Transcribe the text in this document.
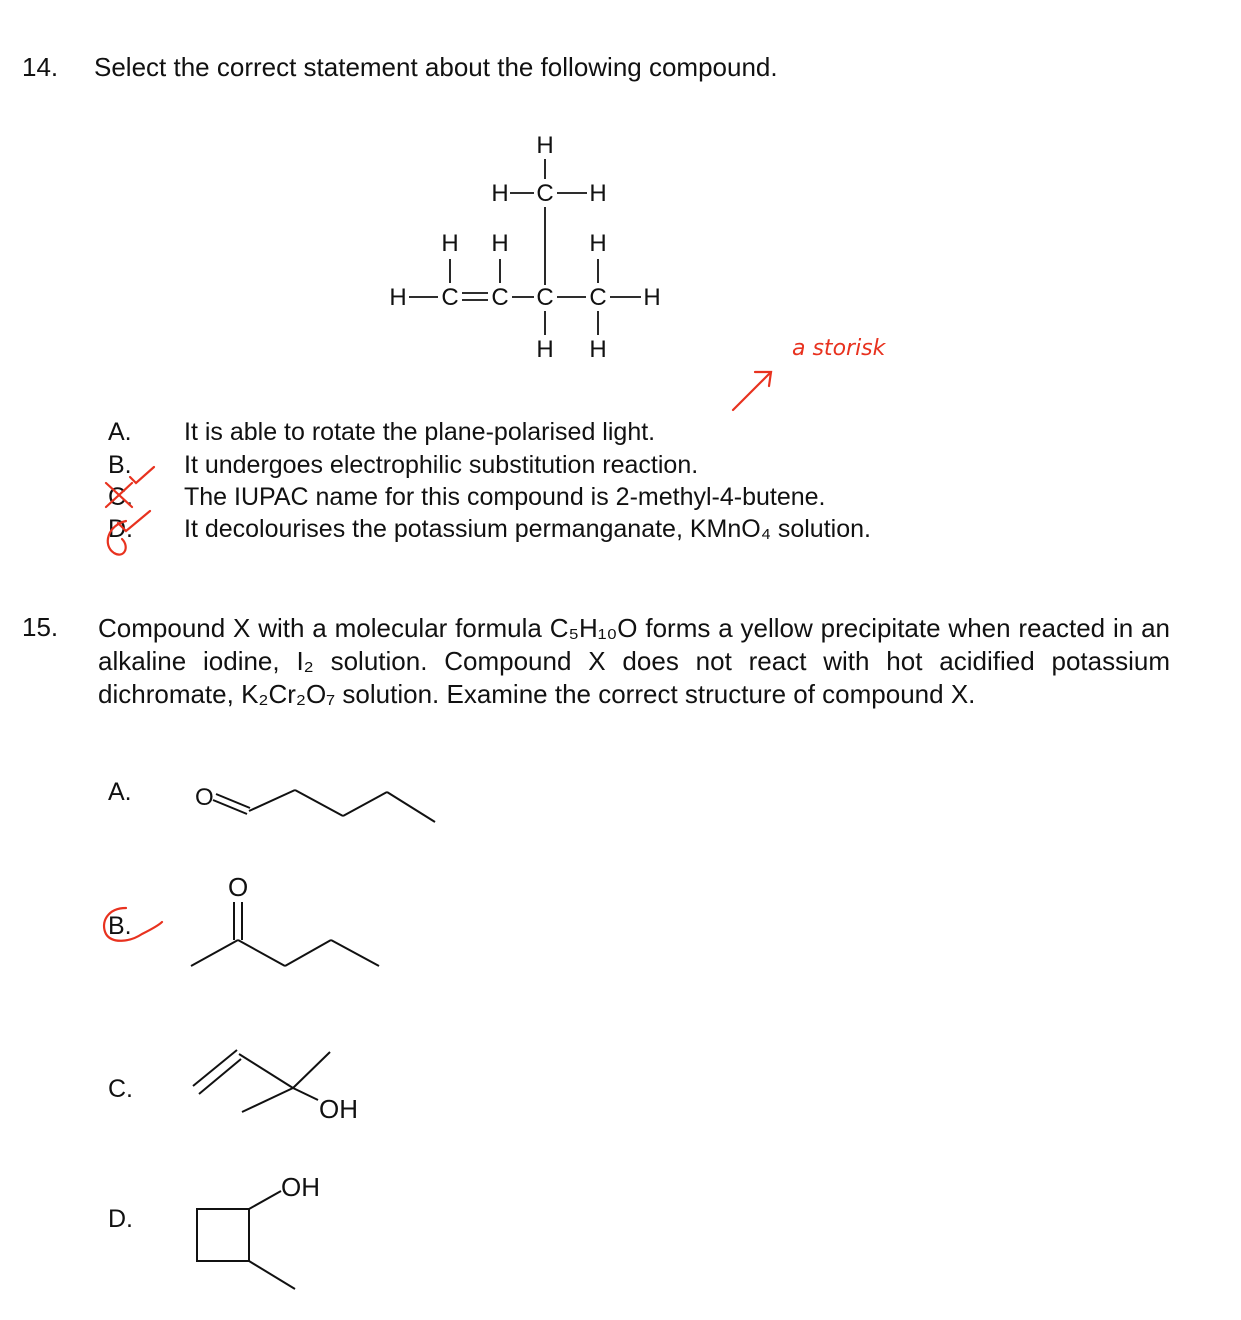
14. Select the correct statement about the following compound.
H
H C H
H H	H
H C C C C H
H H	a storisk
A. It is able to rotate the plane-polarised light.
B. It undergoes electrophilic substitution reaction.
C. The IUPAC name for this compound is 2-methyl-4-butene.
D. It decolourises the potassium permanganate, KMnO₄ solution.
15. Compound X with a molecular formula C₅H₁₀O forms a yellow precipitate when reacted in an alkaline iodine, I₂ solution. Compound X does not react with hot acidified potassium dichromate, K₂Cr₂O₇ solution. Examine the correct structure of compound X.
A.	O
B.
O
C.
OH
D.
OH
